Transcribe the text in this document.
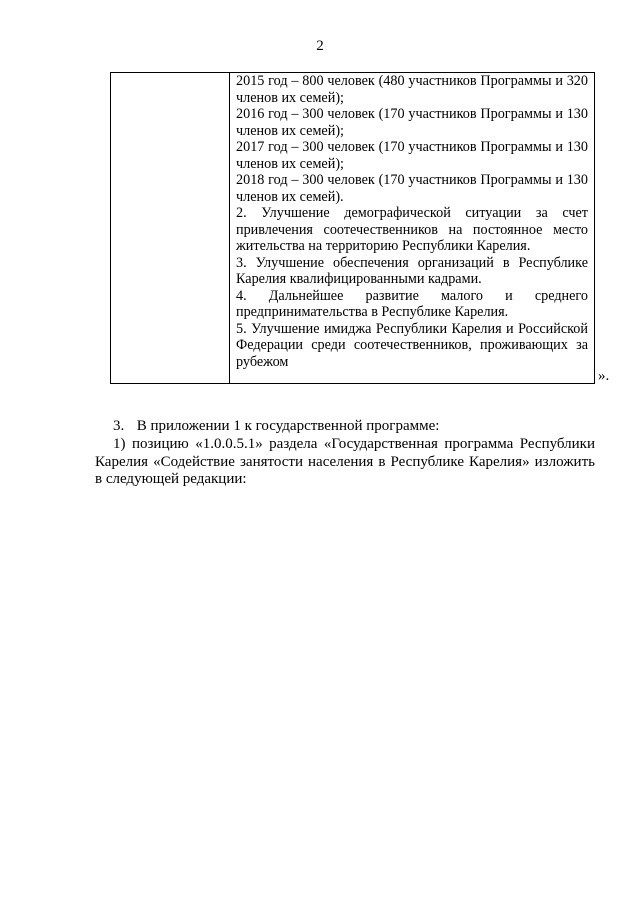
2

2015 год – 800 человек (480 участников Программы и 320 членов их семей);
2016 год – 300 человек (170 участников Программы и 130 членов их семей);
2017 год – 300 человек (170 участников Программы и 130 членов их семей);
2018 год – 300 человек (170 участников Программы и 130 членов их семей).
2. Улучшение демографической ситуации за счет привлечения соотечественников на постоянное место жительства на территорию Республики Карелия.
3. Улучшение обеспечения организаций в Республике Карелия квалифицированными кадрами.
4. Дальнейшее развитие малого и среднего предпринимательства в Республике Карелия.
5. Улучшение имиджа Республики Карелия и Российской Федерации среди соотечественников, проживающих за рубежом
».
3. В приложении 1 к государственной программе:
1) позицию «1.0.0.5.1» раздела «Государственная программа Республики
Карелия «Содействие занятости населения в Республике Карелия» изложить
в следующей редакции:
